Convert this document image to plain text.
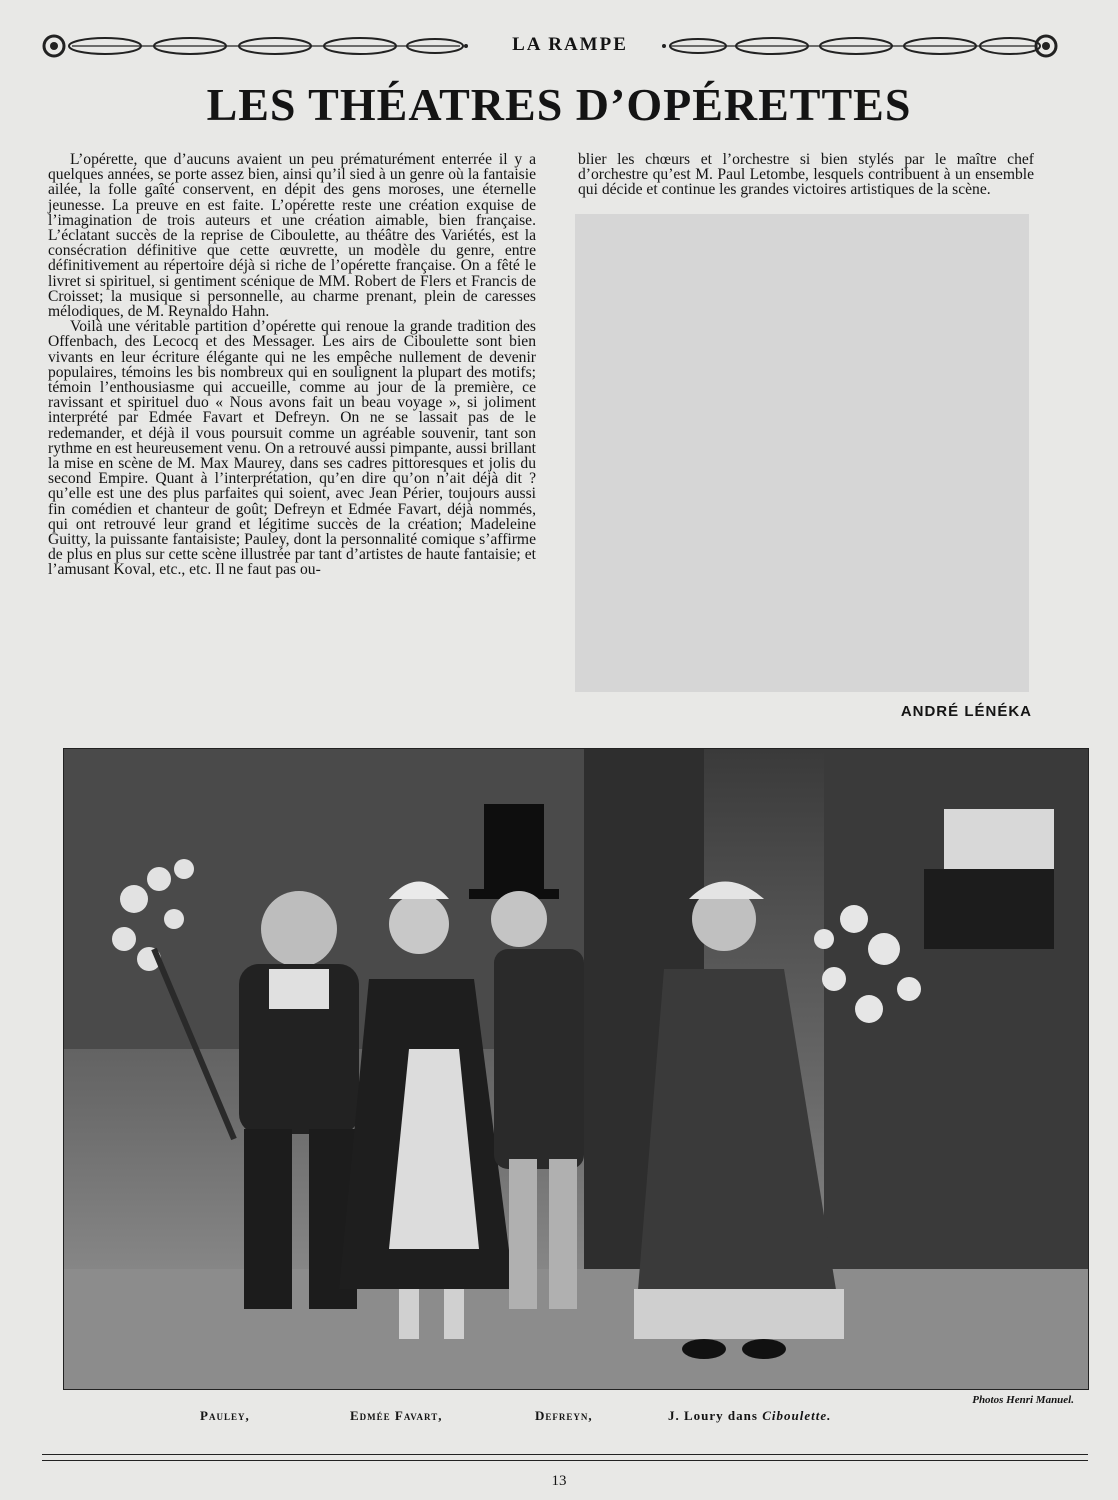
LA RAMPE
LES THÉATRES D’OPÉRETTES

L’opérette, que d’aucuns avaient un peu prématurément enterrée il y a quelques années, se porte assez bien, ainsi qu’il sied à un genre où la fantaisie ailée, la folle gaîté conservent, en dépit des gens moroses, une éternelle jeunesse. La preuve en est faite. L’opérette reste une création exquise de l’imagination de trois auteurs et une création aimable, bien française. L’éclatant succès de la reprise de Ciboulette, au théâtre des Variétés, est la consécration définitive que cette œuvrette, un modèle du genre, entre définitivement au répertoire déjà si riche de l’opérette française. On a fêté le livret si spirituel, si gentiment scénique de MM. Robert de Flers et Francis de Croisset; la musique si personnelle, au charme prenant, plein de caresses mélodiques, de M. Reynaldo Hahn.

Voilà une véritable partition d’opérette qui renoue la grande tradition des Offenbach, des Lecocq et des Messager. Les airs de Ciboulette sont bien vivants en leur écriture élégante qui ne les empêche nullement de devenir populaires, témoins les bis nombreux qui en soulignent la plupart des motifs; témoin l’enthousiasme qui accueille, comme au jour de la première, ce ravissant et spirituel duo « Nous avons fait un beau voyage », si joliment interprété par Edmée Favart et Defreyn. On ne se lassait pas de le redemander, et déjà il vous poursuit comme un agréable souvenir, tant son rythme en est heureusement venu. On a retrouvé aussi pimpante, aussi brillant la mise en scène de M. Max Maurey, dans ses cadres pittoresques et jolis du second Empire. Quant à l’interprétation, qu’en dire qu’on n’ait déjà dit ? qu’elle est une des plus parfaites qui soient, avec Jean Périer, toujours aussi fin comédien et chanteur de goût; Defreyn et Edmée Favart, déjà nommés, qui ont retrouvé leur grand et légitime succès de la création; Madeleine Guitty, la puissante fantaisiste; Pauley, dont la personnalité comique s’affirme de plus en plus sur cette scène illustrée par tant d’artistes de haute fantaisie; et l’amusant Koval, etc., etc. Il ne faut pas ou-

blier les chœurs et l’orchestre si bien stylés par le maître chef d’orchestre qu’est M. Paul Letombe, lesquels contribuent à un ensemble qui décide et continue les grandes victoires artistiques de la scène.

ANDRÉ LÉNÉKA
Photos Henri Manuel.
Pauley,	Edmée Favart,	Defreyn,	J. Loury dans Ciboulette.
13
